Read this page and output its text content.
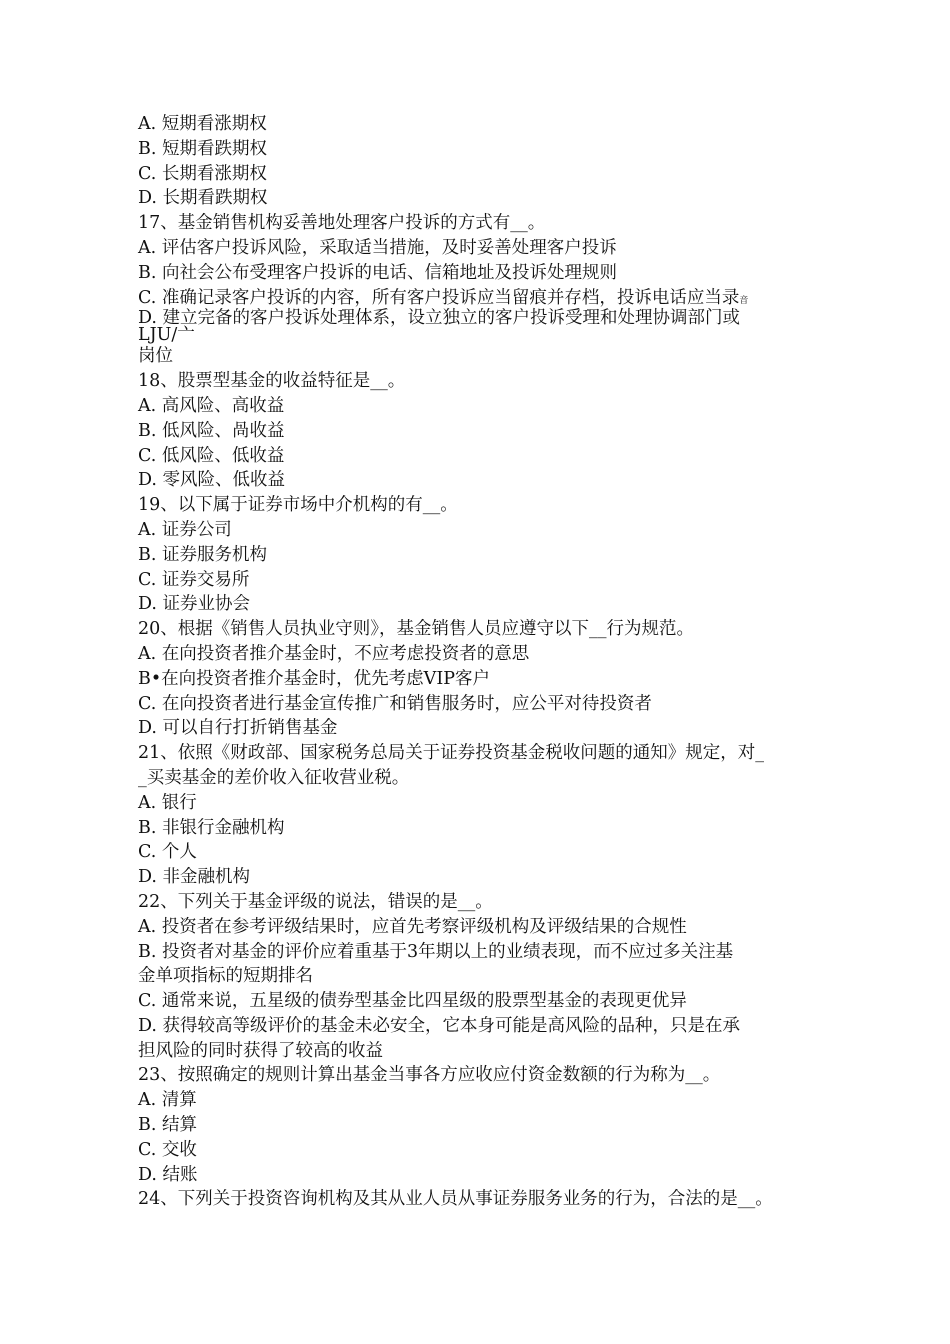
A. 短期看涨期权
B. 短期看跌期权
C. 长期看涨期权
D. 长期看跌期权
17、基金销售机构妥善地处理客户投诉的方式有__。
A. 评估客户投诉风险，采取适当措施，及时妥善处理客户投诉
B. 向社会公布受理客户投诉的电话、信箱地址及投诉处理规则
C. 准确记录客户投诉的内容，所有客户投诉应当留痕并存档，投诉电话应当录音
D. 建立完备的客户投诉处理体系，设立独立的客户投诉受理和处理协调部门或
LJU/亠
岗位
18、股票型基金的收益特征是__。
A. 高风险、高收益
B. 低风险、咼收益
C. 低风险、低收益
D. 零风险、低收益
19、以下属于证券市场中介机构的有__。
A. 证券公司
B. 证券服务机构
C. 证券交易所
D. 证券业协会
20、根据《销售人员执业守则》，基金销售人员应遵守以下__行为规范。
A. 在向投资者推介基金时，不应考虑投资者的意思
B•在向投资者推介基金时，优先考虑VIP客户
C. 在向投资者进行基金宣传推广和销售服务时，应公平对待投资者
D. 可以自行打折销售基金
21、依照《财政部、国家税务总局关于证券投资基金税收问题的通知》规定，对_
_买卖基金的差价收入征收营业税。
A. 银行
B. 非银行金融机构
C. 个人
D. 非金融机构
22、下列关于基金评级的说法，错误的是__。
A. 投资者在参考评级结果时，应首先考察评级机构及评级结果的合规性
B. 投资者对基金的评价应着重基于3年期以上的业绩表现，而不应过多关注基
金单项指标的短期排名
C. 通常来说，五星级的债券型基金比四星级的股票型基金的表现更优异
D. 获得较高等级评价的基金未必安全，它本身可能是高风险的品种，只是在承
担风险的同时获得了较高的收益
23、按照确定的规则计算出基金当事各方应收应付资金数额的行为称为__。
A. 清算
B. 结算
C. 交收
D. 结账
24、下列关于投资咨询机构及其从业人员从事证券服务业务的行为，合法的是__。
